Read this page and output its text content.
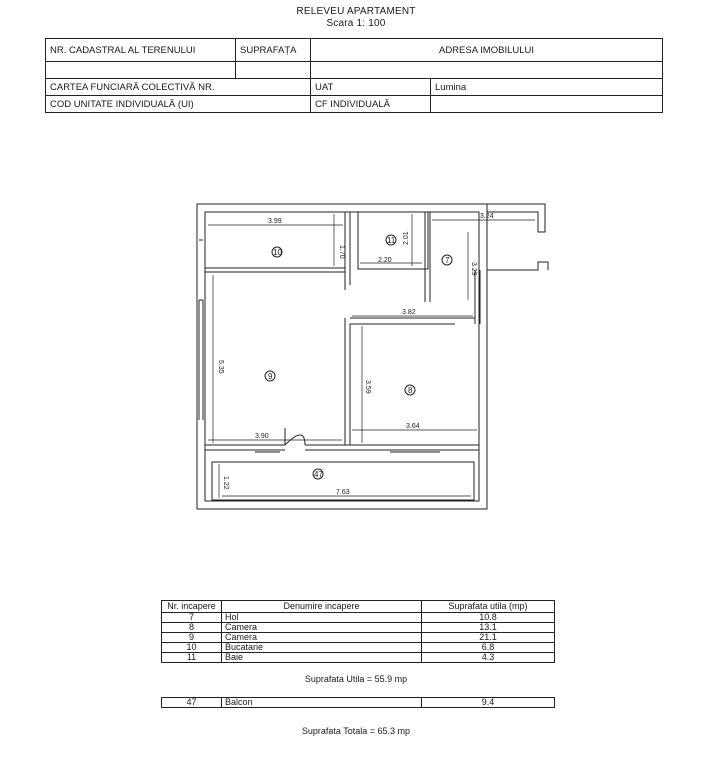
RELEVEU APARTAMENT
Scara 1: 100
NR. CADASTRAL AL TERENULUI	SUPRAFAȚA	ADRESA IMOBILULUI	

CARTEA FUNCIARĂ COLECTIVĂ NR.		UAT	Lumina
COD UNITATE INDIVIDUALĂ (UI)		CF INDIVIDUALĂ	
3.99
1.70
2.01
2.20
3.24
3.29
3.82
5.35
3.59
3.90
3.64
1.22
7.63
10
11
7
9
8
47
Nr. incapere	Denumire incapere	Suprafata utila (mp)
7	Hol	10.8
8	Camera	13.1
9	Camera	21.1
10	Bucatarie	6.8
11	Baie	4.3
Suprafata Utila = 55.9 mp
47	Balcon	9.4
Suprafata Totala = 65.3 mp
